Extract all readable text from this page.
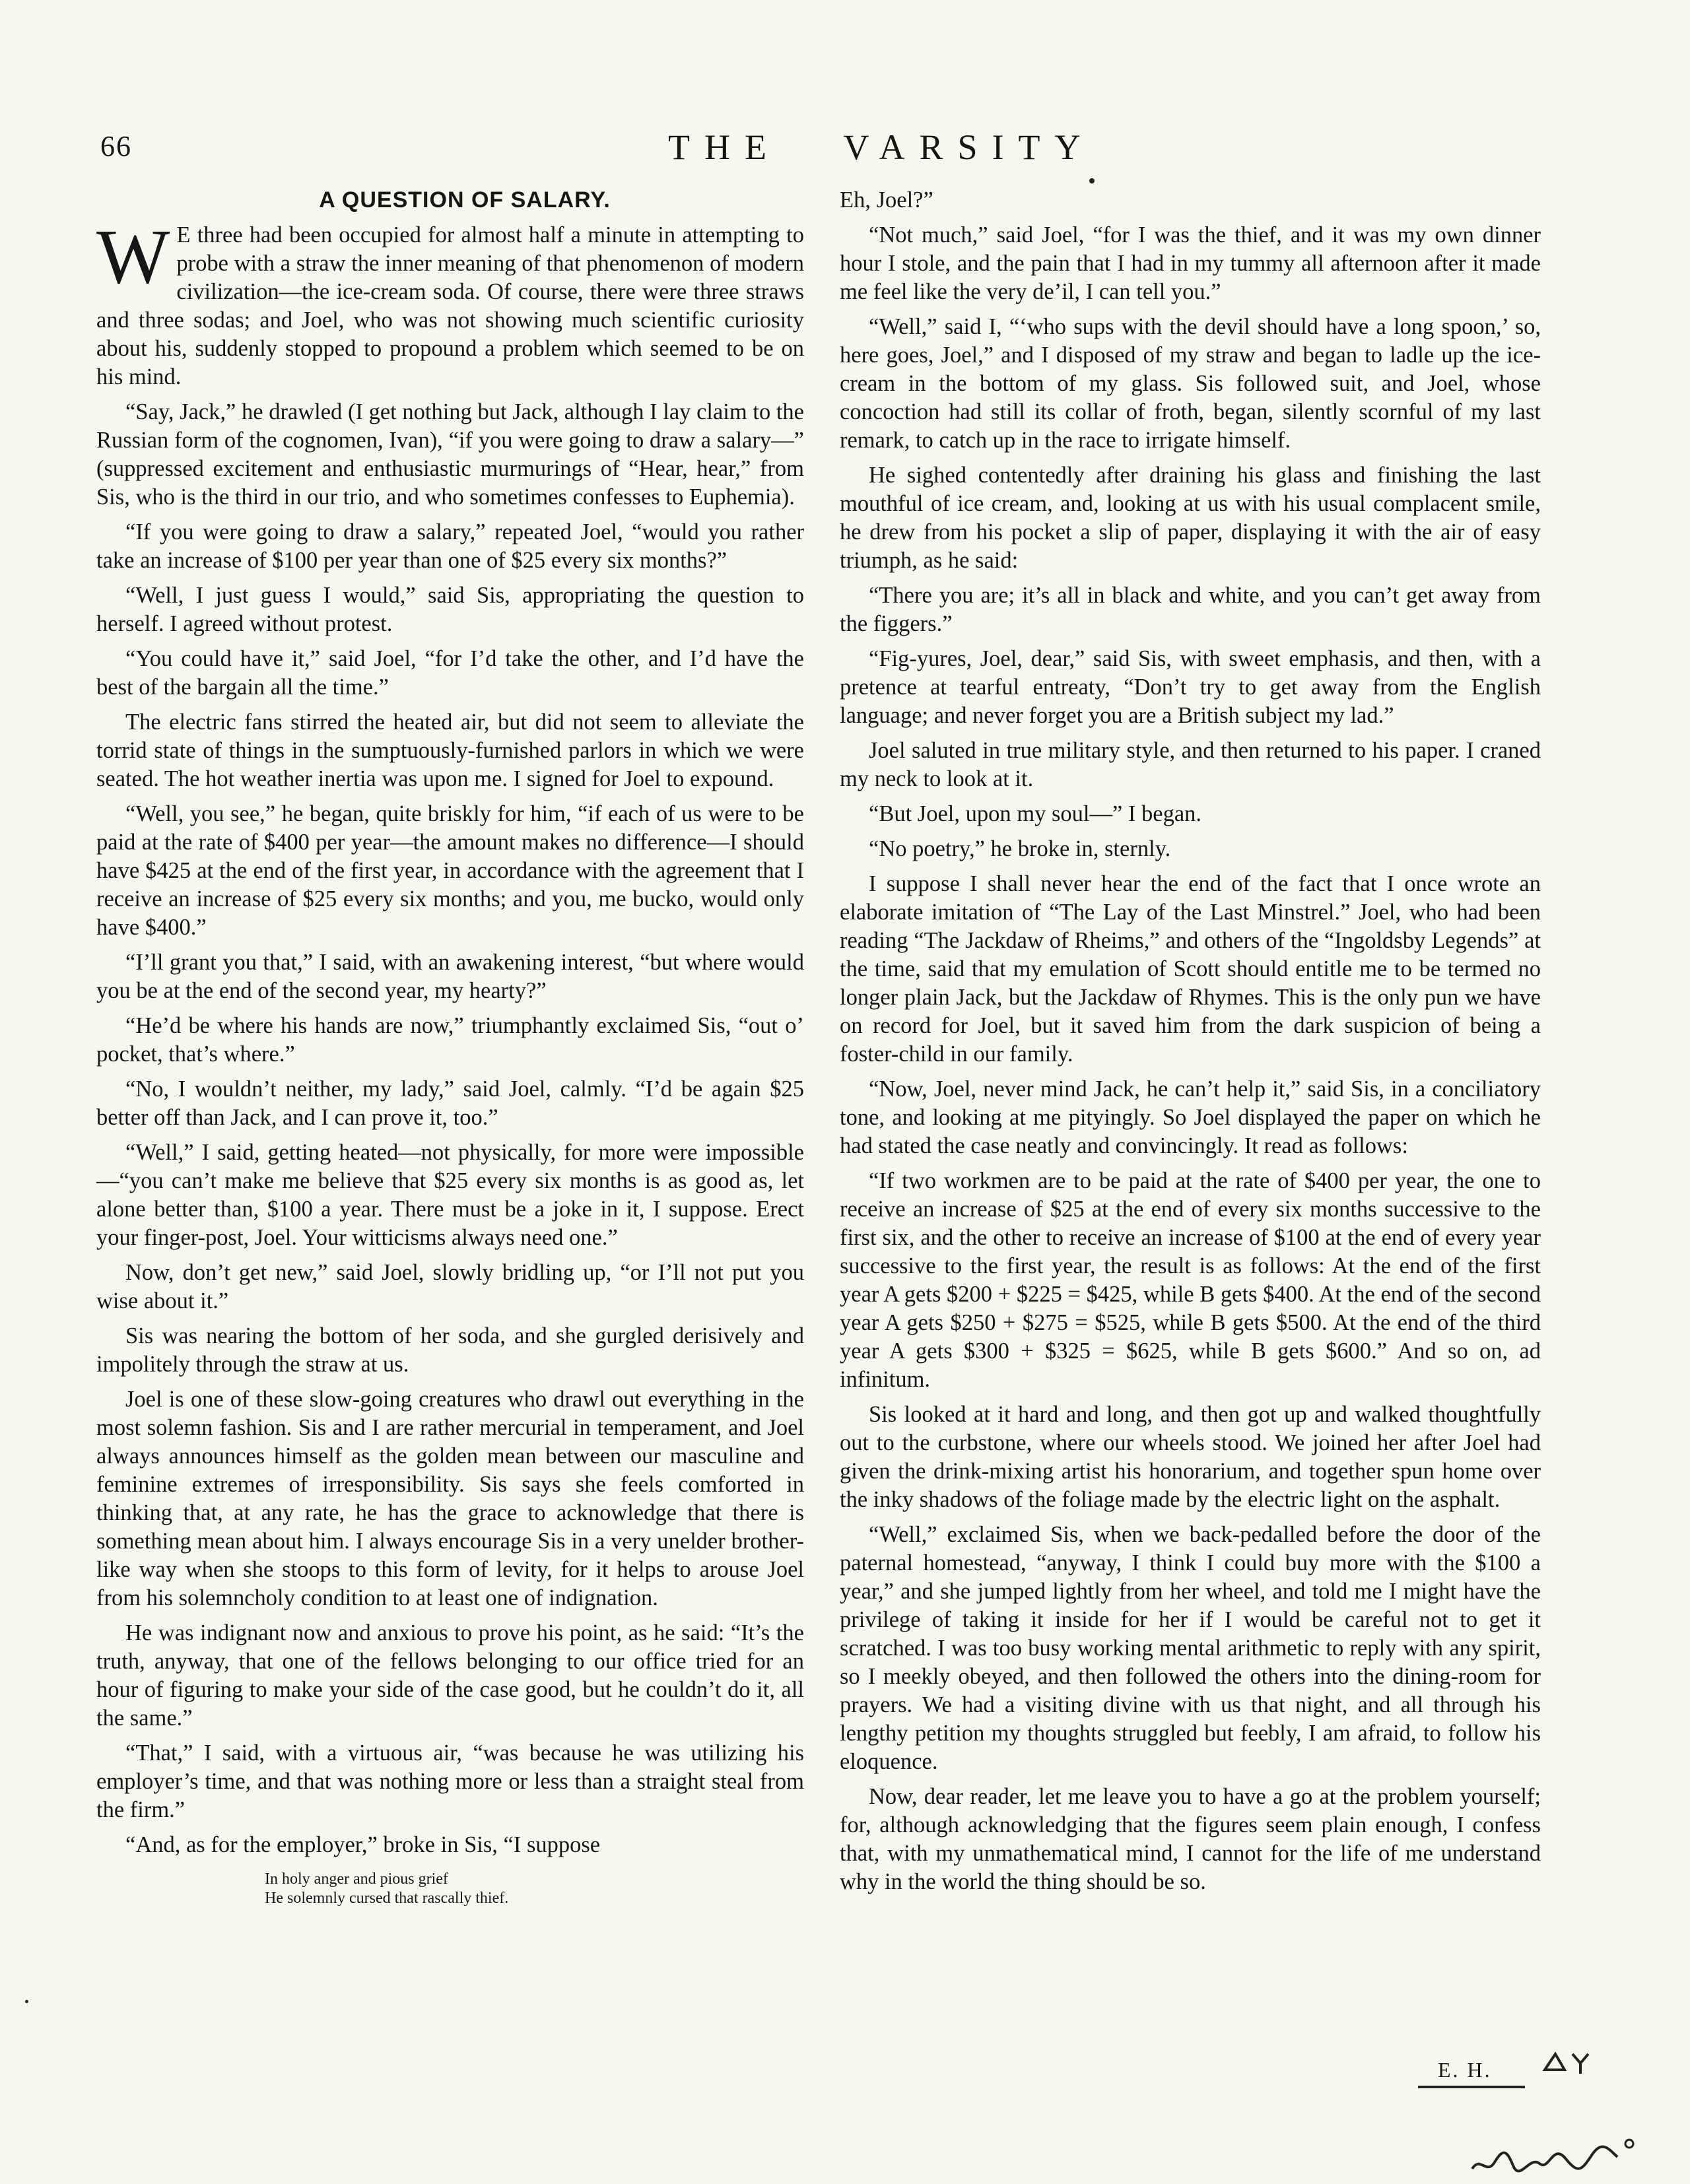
66	THE VARSITY

A QUESTION OF SALARY.

W E three had been occupied for almost half a minute in attempting to probe with a straw the inner meaning of that phenomenon of modern civilization—the ice-cream soda. Of course, there were three straws and three sodas; and Joel, who was not showing much scientific curiosity about his, suddenly stopped to propound a problem which seemed to be on his mind.

“Say, Jack,” he drawled (I get nothing but Jack, although I lay claim to the Russian form of the cognomen, Ivan), “if you were going to draw a salary—” (suppressed excitement and enthusiastic murmurings of “Hear, hear,” from Sis, who is the third in our trio, and who sometimes confesses to Euphemia).

“If you were going to draw a salary,” repeated Joel, “would you rather take an increase of $100 per year than one of $25 every six months?”

“Well, I just guess I would,” said Sis, appropriating the question to herself. I agreed without protest.

“You could have it,” said Joel, “for I’d take the other, and I’d have the best of the bargain all the time.”

The electric fans stirred the heated air, but did not seem to alleviate the torrid state of things in the sumptuously-furnished parlors in which we were seated. The hot weather inertia was upon me. I signed for Joel to expound.

“Well, you see,” he began, quite briskly for him, “if each of us were to be paid at the rate of $400 per year—the amount makes no difference—I should have $425 at the end of the first year, in accordance with the agreement that I receive an increase of $25 every six months; and you, me bucko, would only have $400.”

“I’ll grant you that,” I said, with an awakening interest, “but where would you be at the end of the second year, my hearty?”

“He’d be where his hands are now,” triumphantly exclaimed Sis, “out o’ pocket, that’s where.”

“No, I wouldn’t neither, my lady,” said Joel, calmly. “I’d be again $25 better off than Jack, and I can prove it, too.”

“Well,” I said, getting heated—not physically, for more were impossible—“you can’t make me believe that $25 every six months is as good as, let alone better than, $100 a year. There must be a joke in it, I suppose. Erect your finger-post, Joel. Your witticisms always need one.”

Now, don’t get new,” said Joel, slowly bridling up, “or I’ll not put you wise about it.”

Sis was nearing the bottom of her soda, and she gurgled derisively and impolitely through the straw at us.

Joel is one of these slow-going creatures who drawl out everything in the most solemn fashion. Sis and I are rather mercurial in temperament, and Joel always announces himself as the golden mean between our masculine and feminine extremes of irresponsibility. Sis says she feels comforted in thinking that, at any rate, he has the grace to acknowledge that there is something mean about him. I always encourage Sis in a very unelder brother-like way when she stoops to this form of levity, for it helps to arouse Joel from his solemncholy condition to at least one of indignation.

He was indignant now and anxious to prove his point, as he said: “It’s the truth, anyway, that one of the fellows belonging to our office tried for an hour of figuring to make your side of the case good, but he couldn’t do it, all the same.”

“That,” I said, with a virtuous air, “was because he was utilizing his employer’s time, and that was nothing more or less than a straight steal from the firm.”

“And, as for the employer,” broke in Sis, “I suppose

In holy anger and pious grief
He solemnly cursed that rascally thief.

Eh, Joel?”

“Not much,” said Joel, “for I was the thief, and it was my own dinner hour I stole, and the pain that I had in my tummy all afternoon after it made me feel like the very de’il, I can tell you.”

“Well,” said I, “‘who sups with the devil should have a long spoon,’ so, here goes, Joel,” and I disposed of my straw and began to ladle up the ice-cream in the bottom of my glass. Sis followed suit, and Joel, whose concoction had still its collar of froth, began, silently scornful of my last remark, to catch up in the race to irrigate himself.

He sighed contentedly after draining his glass and finishing the last mouthful of ice cream, and, looking at us with his usual complacent smile, he drew from his pocket a slip of paper, displaying it with the air of easy triumph, as he said:

“There you are; it’s all in black and white, and you can’t get away from the figgers.”

“Fig-yures, Joel, dear,” said Sis, with sweet emphasis, and then, with a pretence at tearful entreaty, “Don’t try to get away from the English language; and never forget you are a British subject my lad.”

Joel saluted in true military style, and then returned to his paper. I craned my neck to look at it.

“But Joel, upon my soul—” I began.

“No poetry,” he broke in, sternly.

I suppose I shall never hear the end of the fact that I once wrote an elaborate imitation of “The Lay of the Last Minstrel.” Joel, who had been reading “The Jackdaw of Rheims,” and others of the “Ingoldsby Legends” at the time, said that my emulation of Scott should entitle me to be termed no longer plain Jack, but the Jackdaw of Rhymes. This is the only pun we have on record for Joel, but it saved him from the dark suspicion of being a foster-child in our family.

“Now, Joel, never mind Jack, he can’t help it,” said Sis, in a conciliatory tone, and looking at me pityingly. So Joel displayed the paper on which he had stated the case neatly and convincingly. It read as follows:

“If two workmen are to be paid at the rate of $400 per year, the one to receive an increase of $25 at the end of every six months successive to the first six, and the other to receive an increase of $100 at the end of every year successive to the first year, the result is as follows: At the end of the first year A gets $200 + $225 = $425, while B gets $400. At the end of the second year A gets $250 + $275 = $525, while B gets $500. At the end of the third year A gets $300 + $325 = $625, while B gets $600.” And so on, ad infinitum.

Sis looked at it hard and long, and then got up and walked thoughtfully out to the curbstone, where our wheels stood. We joined her after Joel had given the drink-mixing artist his honorarium, and together spun home over the inky shadows of the foliage made by the electric light on the asphalt.

“Well,” exclaimed Sis, when we back-pedalled before the door of the paternal homestead, “anyway, I think I could buy more with the $100 a year,” and she jumped lightly from her wheel, and told me I might have the privilege of taking it inside for her if I would be careful not to get it scratched. I was too busy working mental arithmetic to reply with any spirit, so I meekly obeyed, and then followed the others into the dining-room for prayers. We had a visiting divine with us that night, and all through his lengthy petition my thoughts struggled but feebly, I am afraid, to follow his eloquence.

Now, dear reader, let me leave you to have a go at the problem yourself; for, although acknowledging that the figures seem plain enough, I confess that, with my unmathematical mind, I cannot for the life of me understand why in the world the thing should be so.

E. H.
